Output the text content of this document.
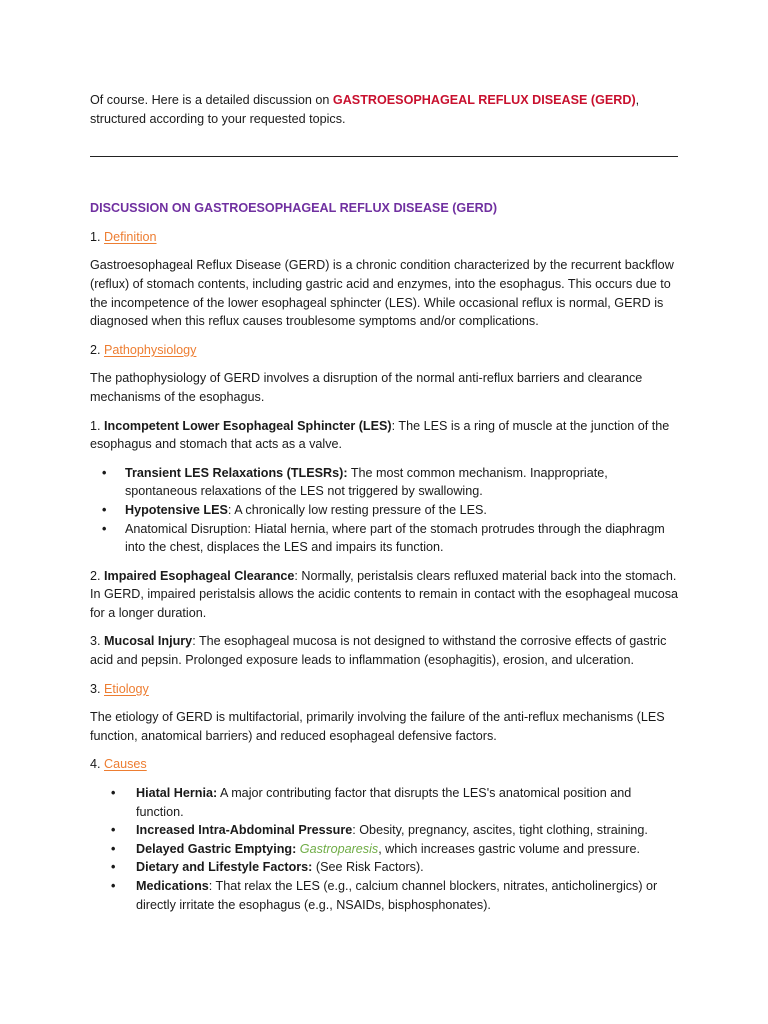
Of course. Here is a detailed discussion on GASTROESOPHAGEAL REFLUX DISEASE (GERD), structured according to your requested topics.

DISCUSSION ON GASTROESOPHAGEAL REFLUX DISEASE (GERD)

1. Definition

Gastroesophageal Reflux Disease (GERD) is a chronic condition characterized by the recurrent backflow (reflux) of stomach contents, including gastric acid and enzymes, into the esophagus. This occurs due to the incompetence of the lower esophageal sphincter (LES). While occasional reflux is normal, GERD is diagnosed when this reflux causes troublesome symptoms and/or complications.

2. Pathophysiology

The pathophysiology of GERD involves a disruption of the normal anti-reflux barriers and clearance mechanisms of the esophagus.

1. Incompetent Lower Esophageal Sphincter (LES): The LES is a ring of muscle at the junction of the esophagus and stomach that acts as a valve.

• Transient LES Relaxations (TLESRs): The most common mechanism. Inappropriate, spontaneous relaxations of the LES not triggered by swallowing.
• Hypotensive LES: A chronically low resting pressure of the LES.
• Anatomical Disruption: Hiatal hernia, where part of the stomach protrudes through the diaphragm into the chest, displaces the LES and impairs its function.

2. Impaired Esophageal Clearance: Normally, peristalsis clears refluxed material back into the stomach. In GERD, impaired peristalsis allows the acidic contents to remain in contact with the esophageal mucosa for a longer duration.

3. Mucosal Injury: The esophageal mucosa is not designed to withstand the corrosive effects of gastric acid and pepsin. Prolonged exposure leads to inflammation (esophagitis), erosion, and ulceration.

3. Etiology

The etiology of GERD is multifactorial, primarily involving the failure of the anti-reflux mechanisms (LES function, anatomical barriers) and reduced esophageal defensive factors.

4. Causes

• Hiatal Hernia: A major contributing factor that disrupts the LES's anatomical position and function.
• Increased Intra-Abdominal Pressure: Obesity, pregnancy, ascites, tight clothing, straining.
• Delayed Gastric Emptying: Gastroparesis, which increases gastric volume and pressure.
• Dietary and Lifestyle Factors: (See Risk Factors).
• Medications: That relax the LES (e.g., calcium channel blockers, nitrates, anticholinergics) or directly irritate the esophagus (e.g., NSAIDs, bisphosphonates).
